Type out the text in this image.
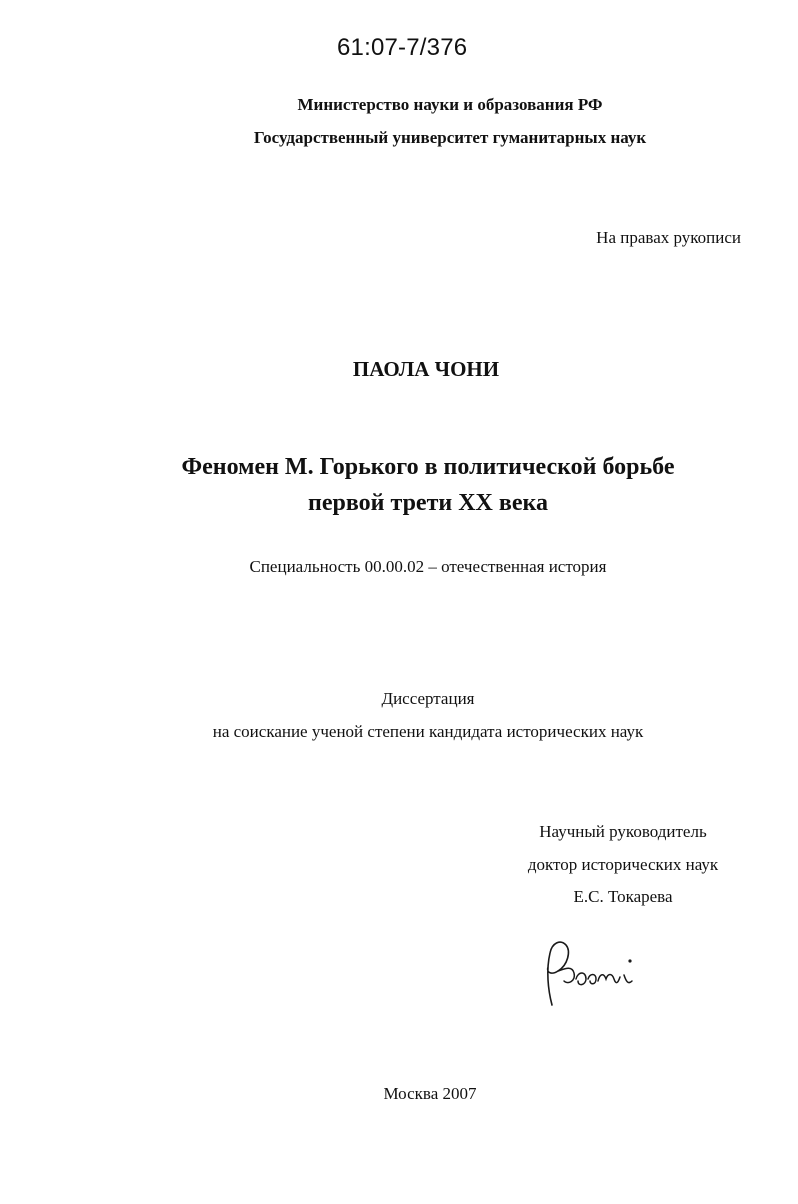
61:07-7/376
Министерство науки и образования РФ
Государственный университет гуманитарных наук
На правах рукописи
ПАОЛА ЧОНИ
Феномен М. Горького в политической борьбе
первой трети XX века
Специальность 00.00.02 – отечественная история
Диссертация
на соискание ученой степени кандидата исторических наук
Научный руководитель
доктор исторических наук
Е.С. Токарева
Москва 2007
